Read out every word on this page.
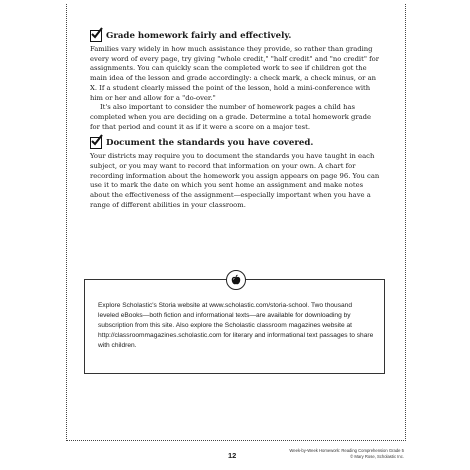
Grade homework fairly and effectively.

Families vary widely in how much assistance they provide, so rather than grading every word of every page, try giving "whole credit," "half credit" and "no credit" for assignments. You can quickly scan the completed work to see if children got the main idea of the lesson and grade accordingly: a check mark, a check minus, or an X. If a student clearly missed the point of the lesson, hold a mini-conference with him or her and allow for a "do-over."

It's also important to consider the number of homework pages a child has completed when you are deciding on a grade. Determine a total homework grade for that period and count it as if it were a score on a major test.

Document the standards you have covered.

Your districts may require you to document the standards you have taught in each subject, or you may want to record that information on your own. A chart for recording information about the homework you assign appears on page 96. You can use it to mark the date on which you sent home an assignment and make notes about the effectiveness of the assignment—especially important when you have a range of different abilities in your classroom.

Explore Scholastic's Storia website at www.scholastic.com/storia-school. Two thousand leveled eBooks—both fiction and informational texts—are available for downloading by subscription from this site. Also explore the Scholastic classroom magazines website at http://classroommagazines.scholastic.com for literary and informational text passages to share with children.
12
Week-by-Week Homework: Reading Comprehension Grade 5
© Mary Rose, Scholastic Inc.
